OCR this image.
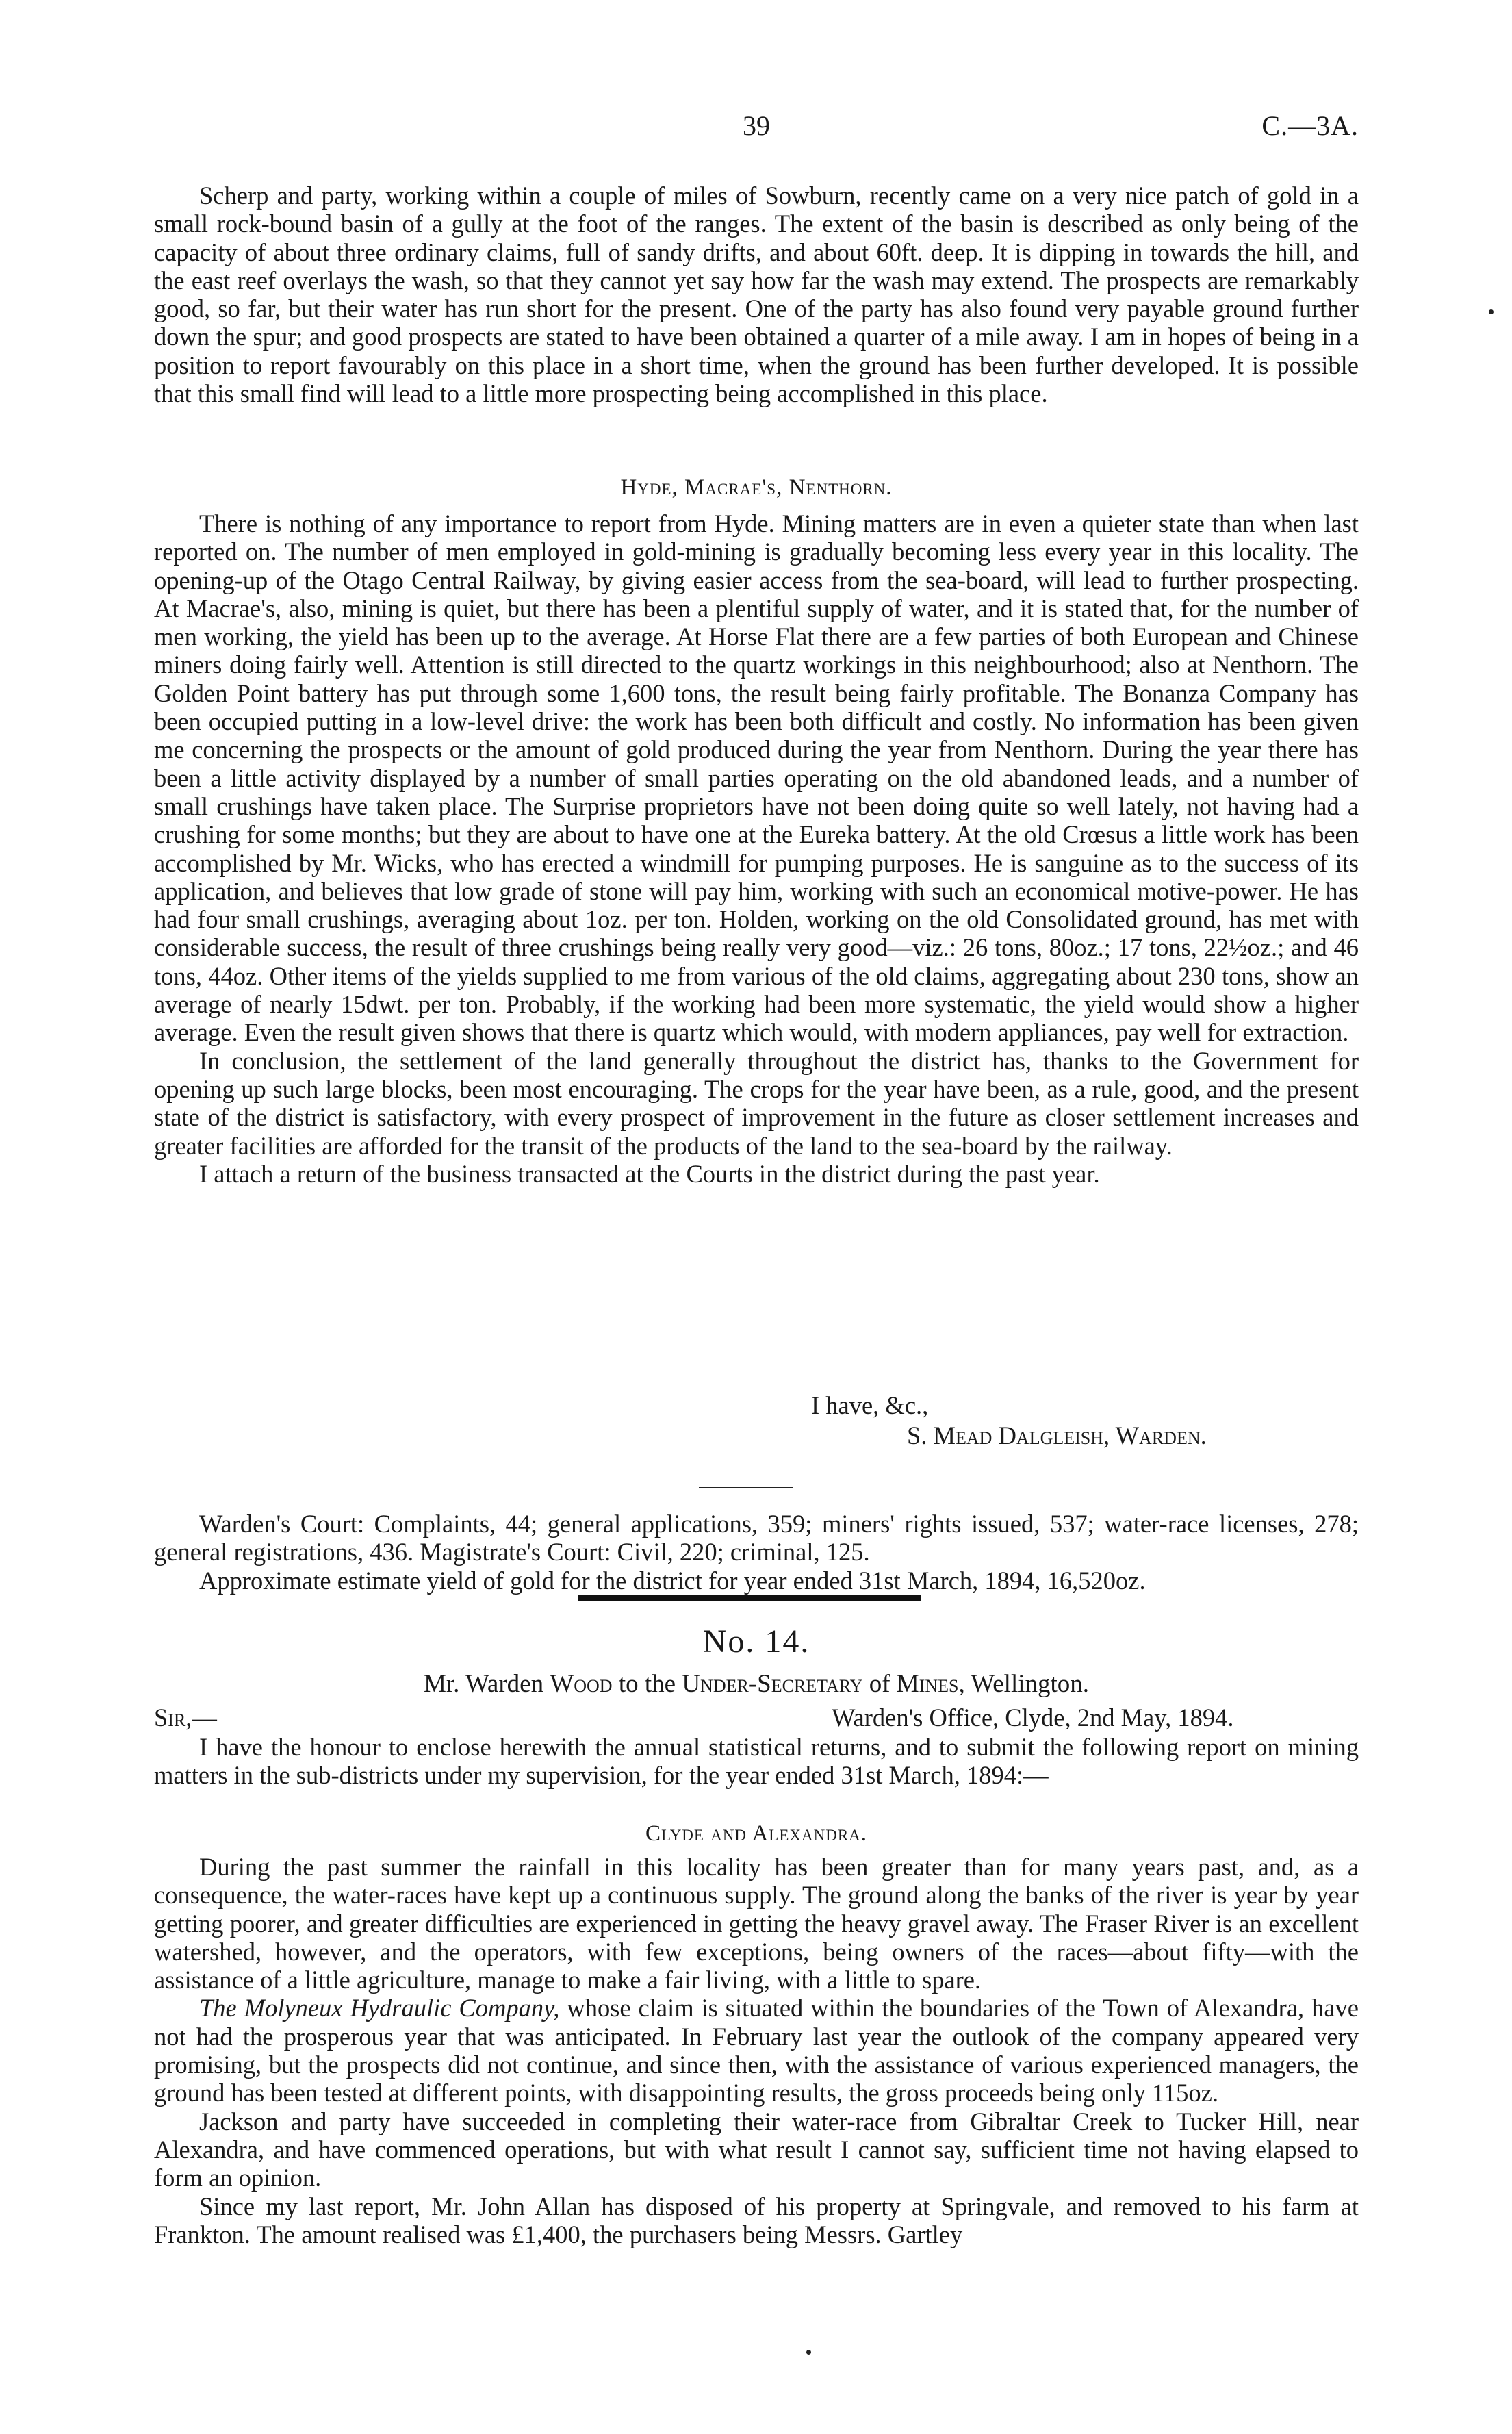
39	C.—3A.

Scherp and party, working within a couple of miles of Sowburn, recently came on a very nice patch of gold in a small rock-bound basin of a gully at the foot of the ranges. The extent of the basin is described as only being of the capacity of about three ordinary claims, full of sandy drifts, and about 60ft. deep. It is dipping in towards the hill, and the east reef overlays the wash, so that they cannot yet say how far the wash may extend. The prospects are remarkably good, so far, but their water has run short for the present. One of the party has also found very payable ground further down the spur; and good prospects are stated to have been obtained a quarter of a mile away. I am in hopes of being in a position to report favourably on this place in a short time, when the ground has been further developed. It is possible that this small find will lead to a little more prospecting being accomplished in this place.

Hyde, Macrae's, Nenthorn.

There is nothing of any importance to report from Hyde. Mining matters are in even a quieter state than when last reported on. The number of men employed in gold-mining is gradually becoming less every year in this locality. The opening-up of the Otago Central Railway, by giving easier access from the sea-board, will lead to further prospecting. At Macrae's, also, mining is quiet, but there has been a plentiful supply of water, and it is stated that, for the number of men working, the yield has been up to the average. At Horse Flat there are a few parties of both European and Chinese miners doing fairly well. Attention is still directed to the quartz workings in this neighbourhood; also at Nenthorn. The Golden Point battery has put through some 1,600 tons, the result being fairly profitable. The Bonanza Company has been occupied putting in a low-level drive: the work has been both difficult and costly. No information has been given me concerning the prospects or the amount of gold produced during the year from Nenthorn. During the year there has been a little activity displayed by a number of small parties operating on the old abandoned leads, and a number of small crushings have taken place. The Surprise proprietors have not been doing quite so well lately, not having had a crushing for some months; but they are about to have one at the Eureka battery. At the old Crœsus a little work has been accomplished by Mr. Wicks, who has erected a windmill for pumping purposes. He is sanguine as to the success of its application, and believes that low grade of stone will pay him, working with such an economical motive-power. He has had four small crushings, averaging about 1oz. per ton. Holden, working on the old Consolidated ground, has met with considerable success, the result of three crushings being really very good—viz.: 26 tons, 80oz.; 17 tons, 22½oz.; and 46 tons, 44oz. Other items of the yields supplied to me from various of the old claims, aggregating about 230 tons, show an average of nearly 15dwt. per ton. Probably, if the working had been more systematic, the yield would show a higher average. Even the result given shows that there is quartz which would, with modern appliances, pay well for extraction.

In conclusion, the settlement of the land generally throughout the district has, thanks to the Government for opening up such large blocks, been most encouraging. The crops for the year have been, as a rule, good, and the present state of the district is satisfactory, with every prospect of improvement in the future as closer settlement increases and greater facilities are afforded for the transit of the products of the land to the sea-board by the railway.

I attach a return of the business transacted at the Courts in the district during the past year.

I have, &c.,
S. Mead Dalgleish, Warden.

Warden's Court: Complaints, 44; general applications, 359; miners' rights issued, 537; water-race licenses, 278; general registrations, 436. Magistrate's Court: Civil, 220; criminal, 125.

Approximate estimate yield of gold for the district for year ended 31st March, 1894, 16,520oz.

No. 14.
Mr. Warden Wood to the Under-Secretary of Mines, Wellington.
Sir,—	Warden's Office, Clyde, 2nd May, 1894.

I have the honour to enclose herewith the annual statistical returns, and to submit the following report on mining matters in the sub-districts under my supervision, for the year ended 31st March, 1894:—

Clyde and Alexandra.

During the past summer the rainfall in this locality has been greater than for many years past, and, as a consequence, the water-races have kept up a continuous supply. The ground along the banks of the river is year by year getting poorer, and greater difficulties are experienced in getting the heavy gravel away. The Fraser River is an excellent watershed, however, and the operators, with few exceptions, being owners of the races—about fifty—with the assistance of a little agriculture, manage to make a fair living, with a little to spare.

The Molyneux Hydraulic Company, whose claim is situated within the boundaries of the Town of Alexandra, have not had the prosperous year that was anticipated. In February last year the outlook of the company appeared very promising, but the prospects did not continue, and since then, with the assistance of various experienced managers, the ground has been tested at different points, with disappointing results, the gross proceeds being only 115oz.

Jackson and party have succeeded in completing their water-race from Gibraltar Creek to Tucker Hill, near Alexandra, and have commenced operations, but with what result I cannot say, sufficient time not having elapsed to form an opinion.

Since my last report, Mr. John Allan has disposed of his property at Springvale, and removed to his farm at Frankton. The amount realised was £1,400, the purchasers being Messrs. Gartley
